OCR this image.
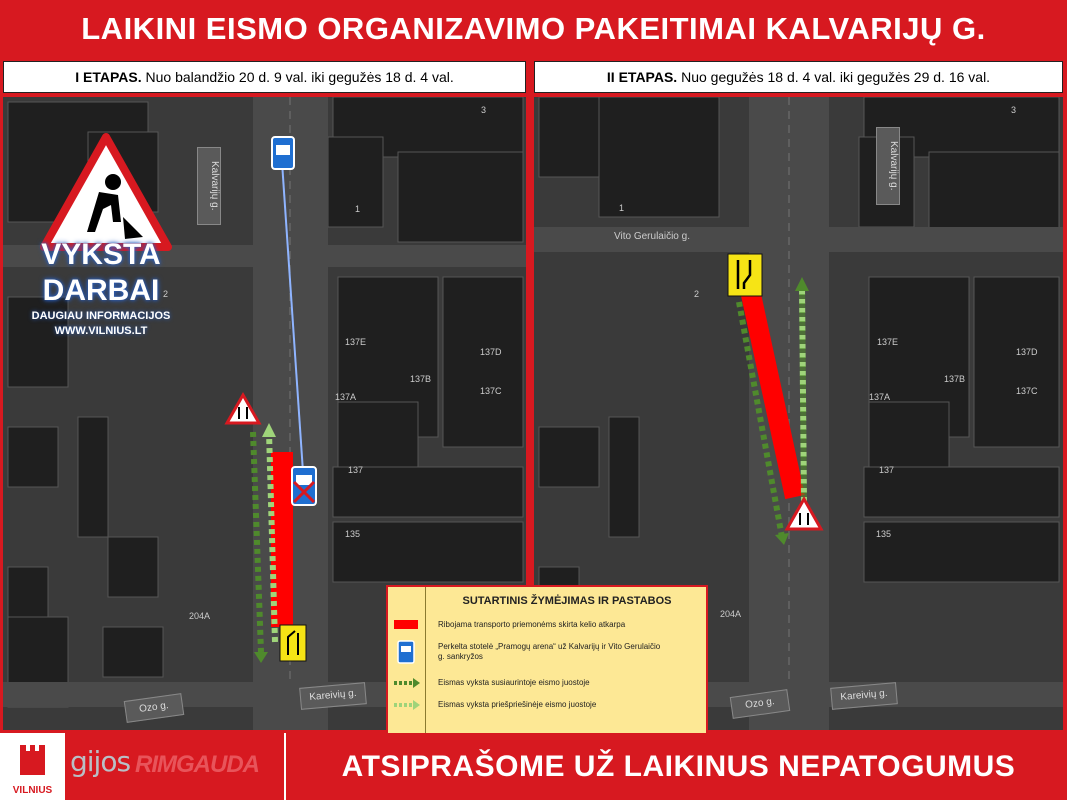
LAIKINI EISMO ORGANIZAVIMO PAKEITIMAI KALVARIJŲ G.
I ETAPAS. Nuo balandžio 20 d. 9 val. iki gegužės 18 d. 4 val.	II ETAPAS. Nuo gegužės 18 d. 4 val. iki gegužės 29 d. 16 val.
2
204A
3
1
137E
137D
137B
137A
137C
137
135
Kalvarijų g.
Ozo g.
Kareivių g.
VYKSTA
DARBAI
DAUGIAU INFORMACIJOS
WWW.VILNIUS.LT
3
1
2
137E
137D
137B
137A
137C
137
135
204A
Vito Gerulaičio g.
Kalvarijų g.
Ozo g.
Kareivių g.
SUTARTINIS ŽYMĖJIMAS IR PASTABOS
Ribojama transporto priemonėms skirta kelio atkarpa
Perkelta stotelė „Pramogų arena“ už Kalvarijų ir Vito Gerulaičio g. sankryžos
Eismas vyksta susiaurintoje eismo juostoje
Eismas vyksta priešpriešinėje eismo juostoje
VILNIUS
gijos RIMGAUDA	ATSIPRAŠOME UŽ LAIKINUS NEPATOGUMUS
